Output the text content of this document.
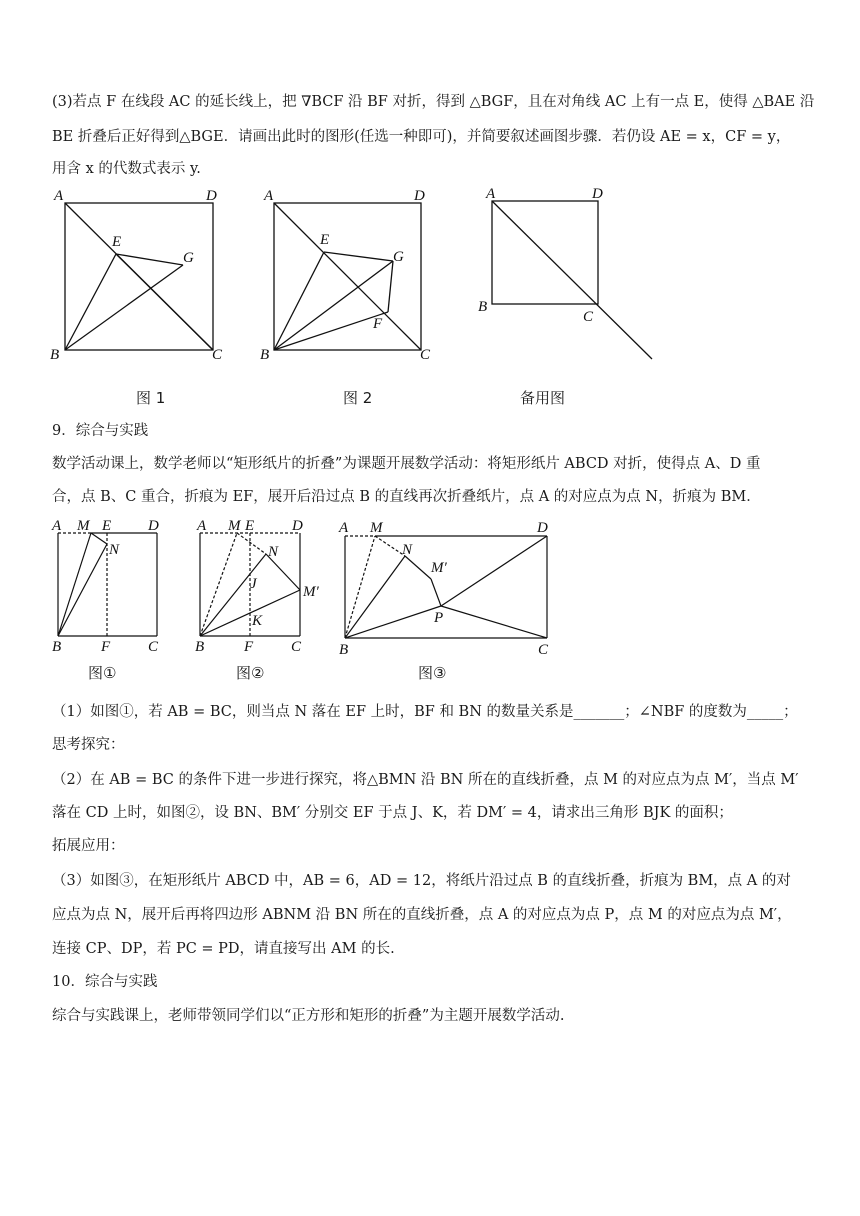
(3)若点 F 在线段 AC 的延长线上，把 ∇BCF 沿 BF 对折，得到 △BGF，且在对角线 AC 上有一点 E，使得 △BAE 沿
BE 折叠后正好得到△BGE．请画出此时的图形(任选一种即可)，并简要叙述画图步骤．若仍设 AE = x，CF = y，
用含 x 的代数式表示 y.
A	D
E
G
B	C
图 1
A	D
E
G
F
B	C
图 2
A	D
B
C
备用图
9．综合与实践
数学活动课上，数学老师以“矩形纸片的折叠”为课题开展数学活动：将矩形纸片 ABCD 对折，使得点 A、D 重
合，点 B、C 重合，折痕为 EF，展开后沿过点 B 的直线再次折叠纸片，点 A 的对应点为点 N，折痕为 BM．
A M E D
N
B	F	C
图①
A M E	D
N
J	M′
K
B	F	C
图②
A M	D
N
M′
P
B	C
图③
（1）如图①，若 AB = BC，则当点 N 落在 EF 上时，BF 和 BN 的数量关系是_______；∠NBF 的度数为_____；
思考探究：
（2）在 AB = BC 的条件下进一步进行探究，将△BMN 沿 BN 所在的直线折叠，点 M 的对应点为点 M′，当点 M′
落在 CD 上时，如图②，设 BN、BM′ 分别交 EF 于点 J、K，若 DM′ = 4，请求出三角形 BJK 的面积；
拓展应用：
（3）如图③，在矩形纸片 ABCD 中，AB = 6，AD = 12，将纸片沿过点 B 的直线折叠，折痕为 BM，点 A 的对
应点为点 N，展开后再将四边形 ABNM 沿 BN 所在的直线折叠，点 A 的对应点为点 P，点 M 的对应点为点 M′，
连接 CP、DP，若 PC = PD，请直接写出 AM 的长.
10．综合与实践
综合与实践课上，老师带领同学们以“正方形和矩形的折叠”为主题开展数学活动.
